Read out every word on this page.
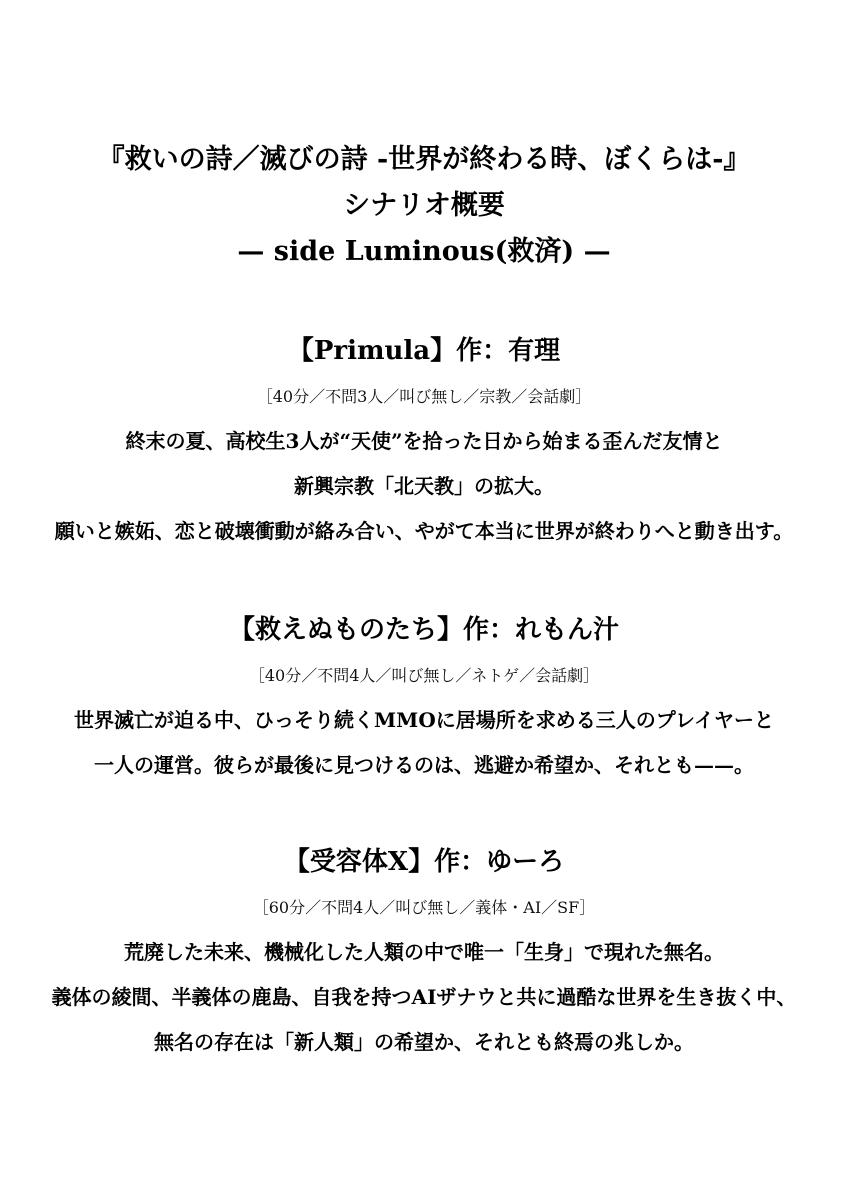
『救いの詩／滅びの詩 -世界が終わる時、ぼくらは-』
シナリオ概要
— side Luminous(救済) —
【Primula】作：有理
［40分／不問3人／叫び無し／宗教／会話劇］
終末の夏、高校生3人が“天使”を拾った日から始まる歪んだ友情と
新興宗教「北天教」の拡大。
願いと嫉妬、恋と破壊衝動が絡み合い、やがて本当に世界が終わりへと動き出す。
【救えぬものたち】作：れもん汁
［40分／不問4人／叫び無し／ネトゲ／会話劇］
世界滅亡が迫る中、ひっそり続くMMOに居場所を求める三人のプレイヤーと
一人の運営。彼らが最後に見つけるのは、逃避か希望か、それとも——。
【受容体X】作：ゆーろ
［60分／不問4人／叫び無し／義体・AI／SF］
荒廃した未来、機械化した人類の中で唯一「生身」で現れた無名。
義体の綾間、半義体の鹿島、自我を持つAIザナウと共に過酷な世界を生き抜く中、
無名の存在は「新人類」の希望か、それとも終焉の兆しか。
